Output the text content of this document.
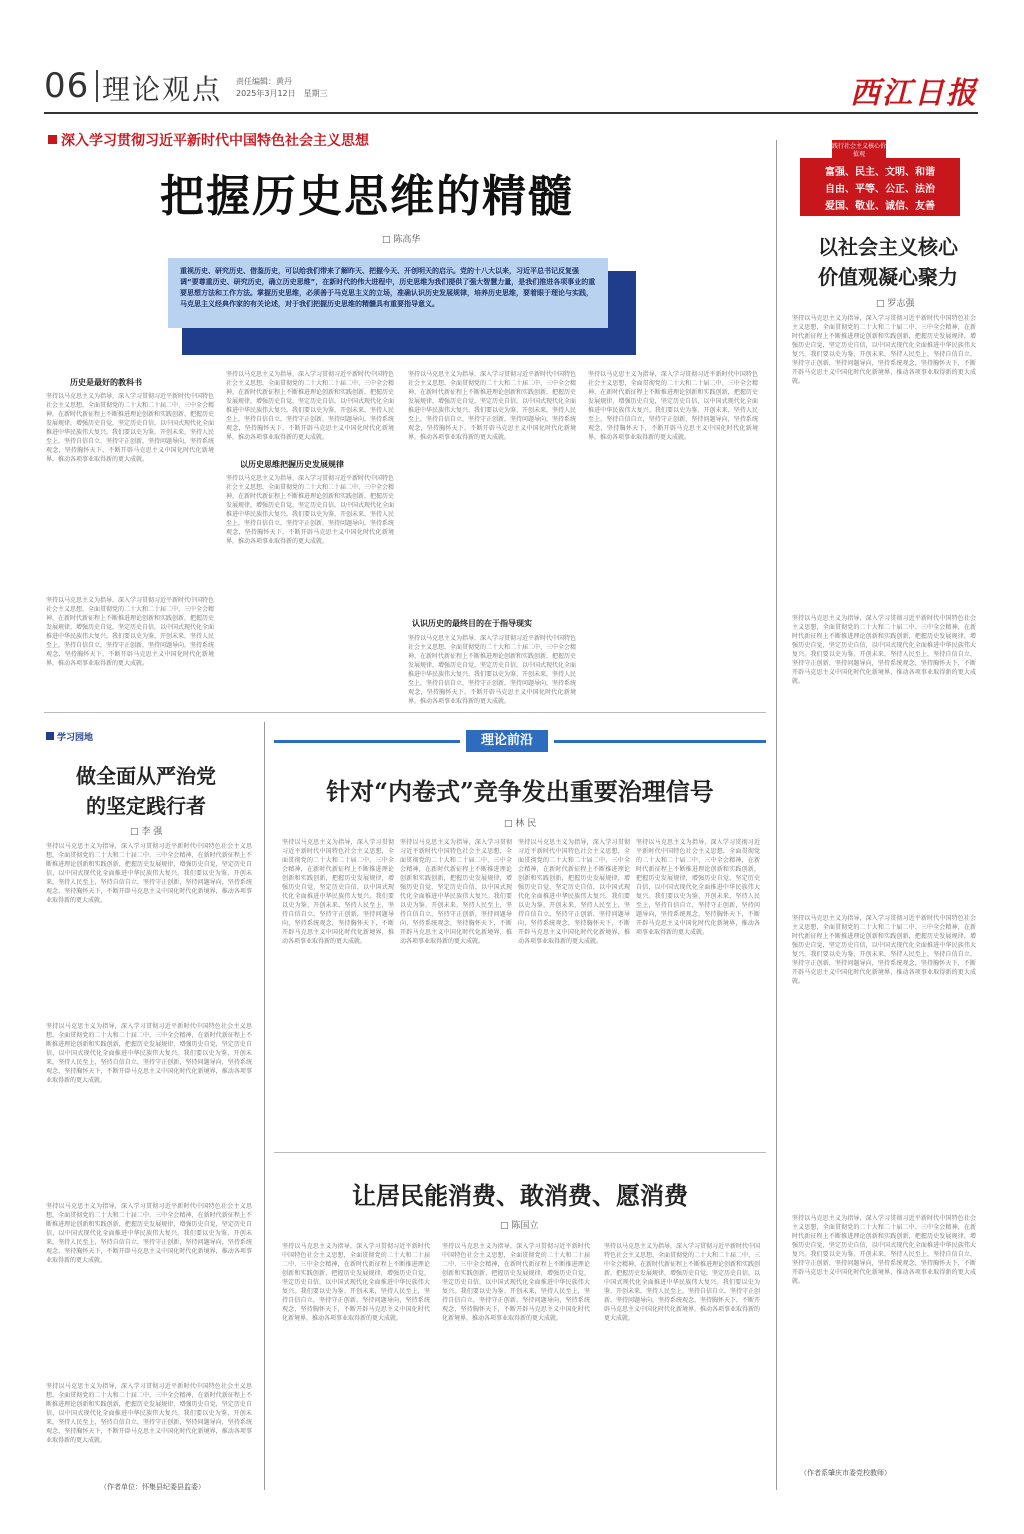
06 理论观点 责任编辑：黄丹
2025年3月12日　星期三	西江日报
深入学习贯彻习近平新时代中国特色社会主义思想
把握历史思维的精髓
□ 陈高华
重视历史、研究历史、借鉴历史，可以给我们带来了解昨天、把握今天、开创明天的启示。党的十八大以来，习近平总书记反复强调“要尊重历史、研究历史，确立历史思维”，在新时代的伟大进程中，历史思维为我们提供了强大智慧力量，是我们推进各项事业的重要思想方法和工作方法。掌握历史思维，必须善于马克思主义的立场，准确认识历史发展规律，培养历史思维，要着眼于理论与实践，马克思主义经典作家的有关论述，对于我们把握历史思维的精髓具有重要指导意义。
历史是最好的教科书
坚持以马克思主义为指导，深入学习贯彻习近平新时代中国特色社会主义思想，全面贯彻党的二十大和二十届二中、三中全会精神，在新时代新征程上不断推进理论创新和实践创新，把握历史发展规律，增强历史自觉，坚定历史自信，以中国式现代化全面推进中华民族伟大复兴。我们要以史为鉴、开创未来，坚持人民至上，坚持自信自立，坚持守正创新，坚持问题导向，坚持系统观念，坚持胸怀天下，不断开辟马克思主义中国化时代化新境界，推动各项事业取得新的更大成就。
坚持以马克思主义为指导，深入学习贯彻习近平新时代中国特色社会主义思想，全面贯彻党的二十大和二十届二中、三中全会精神，在新时代新征程上不断推进理论创新和实践创新，把握历史发展规律，增强历史自觉，坚定历史自信，以中国式现代化全面推进中华民族伟大复兴。我们要以史为鉴、开创未来，坚持人民至上，坚持自信自立，坚持守正创新，坚持问题导向，坚持系统观念，坚持胸怀天下，不断开辟马克思主义中国化时代化新境界，推动各项事业取得新的更大成就。
坚持以马克思主义为指导，深入学习贯彻习近平新时代中国特色社会主义思想，全面贯彻党的二十大和二十届二中、三中全会精神，在新时代新征程上不断推进理论创新和实践创新，把握历史发展规律，增强历史自觉，坚定历史自信，以中国式现代化全面推进中华民族伟大复兴。我们要以史为鉴、开创未来，坚持人民至上，坚持自信自立，坚持守正创新，坚持问题导向，坚持系统观念，坚持胸怀天下，不断开辟马克思主义中国化时代化新境界，推动各项事业取得新的更大成就。
以历史思维把握历史发展规律
坚持以马克思主义为指导，深入学习贯彻习近平新时代中国特色社会主义思想，全面贯彻党的二十大和二十届二中、三中全会精神，在新时代新征程上不断推进理论创新和实践创新，把握历史发展规律，增强历史自觉，坚定历史自信，以中国式现代化全面推进中华民族伟大复兴。我们要以史为鉴、开创未来，坚持人民至上，坚持自信自立，坚持守正创新，坚持问题导向，坚持系统观念，坚持胸怀天下，不断开辟马克思主义中国化时代化新境界，推动各项事业取得新的更大成就。
坚持以马克思主义为指导，深入学习贯彻习近平新时代中国特色社会主义思想，全面贯彻党的二十大和二十届二中、三中全会精神，在新时代新征程上不断推进理论创新和实践创新，把握历史发展规律，增强历史自觉，坚定历史自信，以中国式现代化全面推进中华民族伟大复兴。我们要以史为鉴、开创未来，坚持人民至上，坚持自信自立，坚持守正创新，坚持问题导向，坚持系统观念，坚持胸怀天下，不断开辟马克思主义中国化时代化新境界，推动各项事业取得新的更大成就。
认识历史的最终目的在于指导现实
坚持以马克思主义为指导，深入学习贯彻习近平新时代中国特色社会主义思想，全面贯彻党的二十大和二十届二中、三中全会精神，在新时代新征程上不断推进理论创新和实践创新，把握历史发展规律，增强历史自觉，坚定历史自信，以中国式现代化全面推进中华民族伟大复兴。我们要以史为鉴、开创未来，坚持人民至上，坚持自信自立，坚持守正创新，坚持问题导向，坚持系统观念，坚持胸怀天下，不断开辟马克思主义中国化时代化新境界，推动各项事业取得新的更大成就。
坚持以马克思主义为指导，深入学习贯彻习近平新时代中国特色社会主义思想，全面贯彻党的二十大和二十届二中、三中全会精神，在新时代新征程上不断推进理论创新和实践创新，把握历史发展规律，增强历史自觉，坚定历史自信，以中国式现代化全面推进中华民族伟大复兴。我们要以史为鉴、开创未来，坚持人民至上，坚持自信自立，坚持守正创新，坚持问题导向，坚持系统观念，坚持胸怀天下，不断开辟马克思主义中国化时代化新境界，推动各项事业取得新的更大成就。
学习园地
做全面从严治党
的坚定践行者
□ 李 强
坚持以马克思主义为指导，深入学习贯彻习近平新时代中国特色社会主义思想，全面贯彻党的二十大和二十届二中、三中全会精神，在新时代新征程上不断推进理论创新和实践创新，把握历史发展规律，增强历史自觉，坚定历史自信，以中国式现代化全面推进中华民族伟大复兴。我们要以史为鉴、开创未来，坚持人民至上，坚持自信自立，坚持守正创新，坚持问题导向，坚持系统观念，坚持胸怀天下，不断开辟马克思主义中国化时代化新境界，推动各项事业取得新的更大成就。
坚持以马克思主义为指导，深入学习贯彻习近平新时代中国特色社会主义思想，全面贯彻党的二十大和二十届二中、三中全会精神，在新时代新征程上不断推进理论创新和实践创新，把握历史发展规律，增强历史自觉，坚定历史自信，以中国式现代化全面推进中华民族伟大复兴。我们要以史为鉴、开创未来，坚持人民至上，坚持自信自立，坚持守正创新，坚持问题导向，坚持系统观念，坚持胸怀天下，不断开辟马克思主义中国化时代化新境界，推动各项事业取得新的更大成就。
坚持以马克思主义为指导，深入学习贯彻习近平新时代中国特色社会主义思想，全面贯彻党的二十大和二十届二中、三中全会精神，在新时代新征程上不断推进理论创新和实践创新，把握历史发展规律，增强历史自觉，坚定历史自信，以中国式现代化全面推进中华民族伟大复兴。我们要以史为鉴、开创未来，坚持人民至上，坚持自信自立，坚持守正创新，坚持问题导向，坚持系统观念，坚持胸怀天下，不断开辟马克思主义中国化时代化新境界，推动各项事业取得新的更大成就。
坚持以马克思主义为指导，深入学习贯彻习近平新时代中国特色社会主义思想，全面贯彻党的二十大和二十届二中、三中全会精神，在新时代新征程上不断推进理论创新和实践创新，把握历史发展规律，增强历史自觉，坚定历史自信，以中国式现代化全面推进中华民族伟大复兴。我们要以史为鉴、开创未来，坚持人民至上，坚持自信自立，坚持守正创新，坚持问题导向，坚持系统观念，坚持胸怀天下，不断开辟马克思主义中国化时代化新境界，推动各项事业取得新的更大成就。
（作者单位：怀集县纪委县监委）
理论前沿
针对“内卷式”竞争发出重要治理信号
□ 林 民
坚持以马克思主义为指导，深入学习贯彻习近平新时代中国特色社会主义思想，全面贯彻党的二十大和二十届二中、三中全会精神，在新时代新征程上不断推进理论创新和实践创新，把握历史发展规律，增强历史自觉，坚定历史自信，以中国式现代化全面推进中华民族伟大复兴。我们要以史为鉴、开创未来，坚持人民至上，坚持自信自立，坚持守正创新，坚持问题导向，坚持系统观念，坚持胸怀天下，不断开辟马克思主义中国化时代化新境界，推动各项事业取得新的更大成就。
坚持以马克思主义为指导，深入学习贯彻习近平新时代中国特色社会主义思想，全面贯彻党的二十大和二十届二中、三中全会精神，在新时代新征程上不断推进理论创新和实践创新，把握历史发展规律，增强历史自觉，坚定历史自信，以中国式现代化全面推进中华民族伟大复兴。我们要以史为鉴、开创未来，坚持人民至上，坚持自信自立，坚持守正创新，坚持问题导向，坚持系统观念，坚持胸怀天下，不断开辟马克思主义中国化时代化新境界，推动各项事业取得新的更大成就。
坚持以马克思主义为指导，深入学习贯彻习近平新时代中国特色社会主义思想，全面贯彻党的二十大和二十届二中、三中全会精神，在新时代新征程上不断推进理论创新和实践创新，把握历史发展规律，增强历史自觉，坚定历史自信，以中国式现代化全面推进中华民族伟大复兴。我们要以史为鉴、开创未来，坚持人民至上，坚持自信自立，坚持守正创新，坚持问题导向，坚持系统观念，坚持胸怀天下，不断开辟马克思主义中国化时代化新境界，推动各项事业取得新的更大成就。
坚持以马克思主义为指导，深入学习贯彻习近平新时代中国特色社会主义思想，全面贯彻党的二十大和二十届二中、三中全会精神，在新时代新征程上不断推进理论创新和实践创新，把握历史发展规律，增强历史自觉，坚定历史自信，以中国式现代化全面推进中华民族伟大复兴。我们要以史为鉴、开创未来，坚持人民至上，坚持自信自立，坚持守正创新，坚持问题导向，坚持系统观念，坚持胸怀天下，不断开辟马克思主义中国化时代化新境界，推动各项事业取得新的更大成就。
让居民能消费、敢消费、愿消费
□ 陈国立
坚持以马克思主义为指导，深入学习贯彻习近平新时代中国特色社会主义思想，全面贯彻党的二十大和二十届二中、三中全会精神，在新时代新征程上不断推进理论创新和实践创新，把握历史发展规律，增强历史自觉，坚定历史自信，以中国式现代化全面推进中华民族伟大复兴。我们要以史为鉴、开创未来，坚持人民至上，坚持自信自立，坚持守正创新，坚持问题导向，坚持系统观念，坚持胸怀天下，不断开辟马克思主义中国化时代化新境界，推动各项事业取得新的更大成就。
坚持以马克思主义为指导，深入学习贯彻习近平新时代中国特色社会主义思想，全面贯彻党的二十大和二十届二中、三中全会精神，在新时代新征程上不断推进理论创新和实践创新，把握历史发展规律，增强历史自觉，坚定历史自信，以中国式现代化全面推进中华民族伟大复兴。我们要以史为鉴、开创未来，坚持人民至上，坚持自信自立，坚持守正创新，坚持问题导向，坚持系统观念，坚持胸怀天下，不断开辟马克思主义中国化时代化新境界，推动各项事业取得新的更大成就。
坚持以马克思主义为指导，深入学习贯彻习近平新时代中国特色社会主义思想，全面贯彻党的二十大和二十届二中、三中全会精神，在新时代新征程上不断推进理论创新和实践创新，把握历史发展规律，增强历史自觉，坚定历史自信，以中国式现代化全面推进中华民族伟大复兴。我们要以史为鉴、开创未来，坚持人民至上，坚持自信自立，坚持守正创新，坚持问题导向，坚持系统观念，坚持胸怀天下，不断开辟马克思主义中国化时代化新境界，推动各项事业取得新的更大成就。
践行社会主义核心价值观
富强、民主、文明、和谐
自由、平等、公正、法治
爱国、敬业、诚信、友善
以社会主义核心
价值观凝心聚力
□ 罗志强
坚持以马克思主义为指导，深入学习贯彻习近平新时代中国特色社会主义思想，全面贯彻党的二十大和二十届二中、三中全会精神，在新时代新征程上不断推进理论创新和实践创新，把握历史发展规律，增强历史自觉，坚定历史自信，以中国式现代化全面推进中华民族伟大复兴。我们要以史为鉴、开创未来，坚持人民至上，坚持自信自立，坚持守正创新，坚持问题导向，坚持系统观念，坚持胸怀天下，不断开辟马克思主义中国化时代化新境界，推动各项事业取得新的更大成就。
坚持以马克思主义为指导，深入学习贯彻习近平新时代中国特色社会主义思想，全面贯彻党的二十大和二十届二中、三中全会精神，在新时代新征程上不断推进理论创新和实践创新，把握历史发展规律，增强历史自觉，坚定历史自信，以中国式现代化全面推进中华民族伟大复兴。我们要以史为鉴、开创未来，坚持人民至上，坚持自信自立，坚持守正创新，坚持问题导向，坚持系统观念，坚持胸怀天下，不断开辟马克思主义中国化时代化新境界，推动各项事业取得新的更大成就。
坚持以马克思主义为指导，深入学习贯彻习近平新时代中国特色社会主义思想，全面贯彻党的二十大和二十届二中、三中全会精神，在新时代新征程上不断推进理论创新和实践创新，把握历史发展规律，增强历史自觉，坚定历史自信，以中国式现代化全面推进中华民族伟大复兴。我们要以史为鉴、开创未来，坚持人民至上，坚持自信自立，坚持守正创新，坚持问题导向，坚持系统观念，坚持胸怀天下，不断开辟马克思主义中国化时代化新境界，推动各项事业取得新的更大成就。
坚持以马克思主义为指导，深入学习贯彻习近平新时代中国特色社会主义思想，全面贯彻党的二十大和二十届二中、三中全会精神，在新时代新征程上不断推进理论创新和实践创新，把握历史发展规律，增强历史自觉，坚定历史自信，以中国式现代化全面推进中华民族伟大复兴。我们要以史为鉴、开创未来，坚持人民至上，坚持自信自立，坚持守正创新，坚持问题导向，坚持系统观念，坚持胸怀天下，不断开辟马克思主义中国化时代化新境界，推动各项事业取得新的更大成就。
（作者系肇庆市委党校教师）
